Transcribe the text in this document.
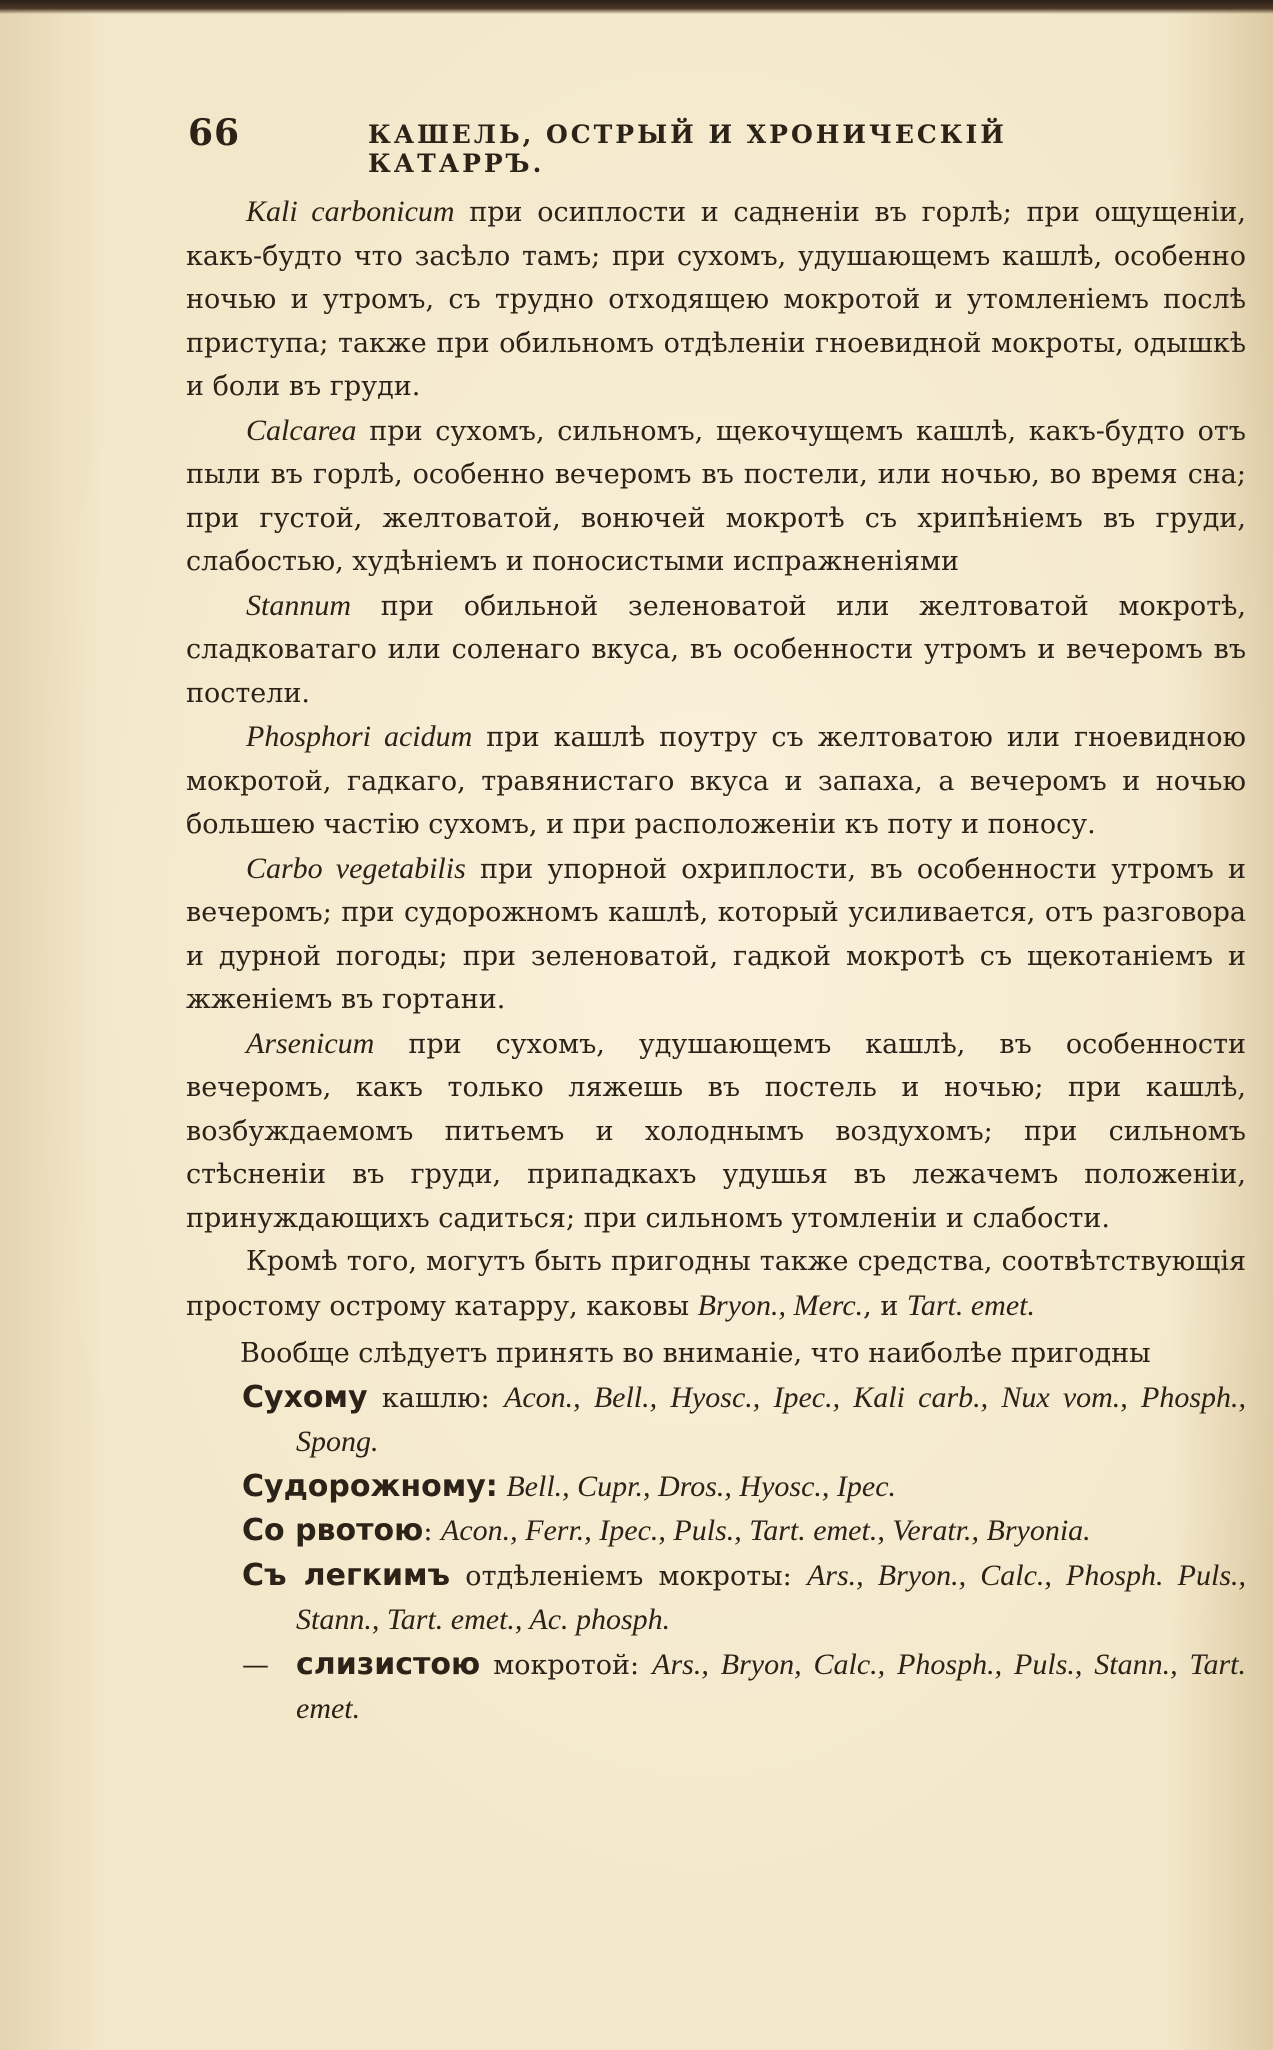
66	КАШЕЛЬ, ОСТРЫЙ И ХРОНИЧЕСКІЙ КАТАРРЪ.

Kali carbonicum при осиплости и садненіи въ горлѣ; при ощущеніи, какъ-будто что засѣло тамъ; при сухомъ, удушающемъ кашлѣ, особенно ночью и утромъ, съ трудно отходящею мокротой и утомленіемъ послѣ приступа; также при обильномъ отдѣленіи гноевидной мокроты, одышкѣ и боли въ груди.

Calcarea при сухомъ, сильномъ, щекочущемъ кашлѣ, какъ-будто отъ пыли въ горлѣ, особенно вечеромъ въ постели, или ночью, во время сна; при густой, желтоватой, вонючей мокротѣ съ хрипѣніемъ въ груди, слабостью, худѣніемъ и поносистыми испражненіями

Stannum при обильной зеленоватой или желтоватой мокротѣ, сладковатаго или соленаго вкуса, въ особенности утромъ и вечеромъ въ постели.

Phosphori acidum при кашлѣ поутру съ желтоватою или гноевидною мокротой, гадкаго, травянистаго вкуса и запаха, а вечеромъ и ночью большею частію сухомъ, и при расположеніи къ поту и поносу.

Carbo vegetabilis при упорной охриплости, въ особенности утромъ и вечеромъ; при судорожномъ кашлѣ, который усиливается, отъ разговора и дурной погоды; при зеленоватой, гадкой мокротѣ съ щекотаніемъ и жженіемъ въ гортани.

Arsenicum при сухомъ, удушающемъ кашлѣ, въ особенности вечеромъ, какъ только ляжешь въ постель и ночью; при кашлѣ, возбуждаемомъ питьемъ и холоднымъ воздухомъ; при сильномъ стѣсненіи въ груди, припадкахъ удушья въ лежачемъ положеніи, принуждающихъ садиться; при сильномъ утомленіи и слабости.

Кромѣ того, могутъ быть пригодны также средства, соотвѣтствующія простому острому катарру, каковы Bryon., Merc., и Tart. emet.

Вообще слѣдуетъ принять во вниманіе, что наиболѣе пригодны

Сухому кашлю: Acon., Bell., Hyosc., Ipec., Kali carb., Nux vom., Phosph., Spong.

Судорожному: Bell., Cupr., Dros., Hyosc., Ipec.

Со рвотою: Acon., Ferr., Ipec., Puls., Tart. emet., Veratr., Bryonia.

Съ легкимъ отдѣленіемъ мокроты: Ars., Bryon., Calc., Phosph. Puls., Stann., Tart. emet., Ac. phosph.

— слизистою мокротой: Ars., Bryon, Calc., Phosph., Puls., Stann., Tart. emet.
